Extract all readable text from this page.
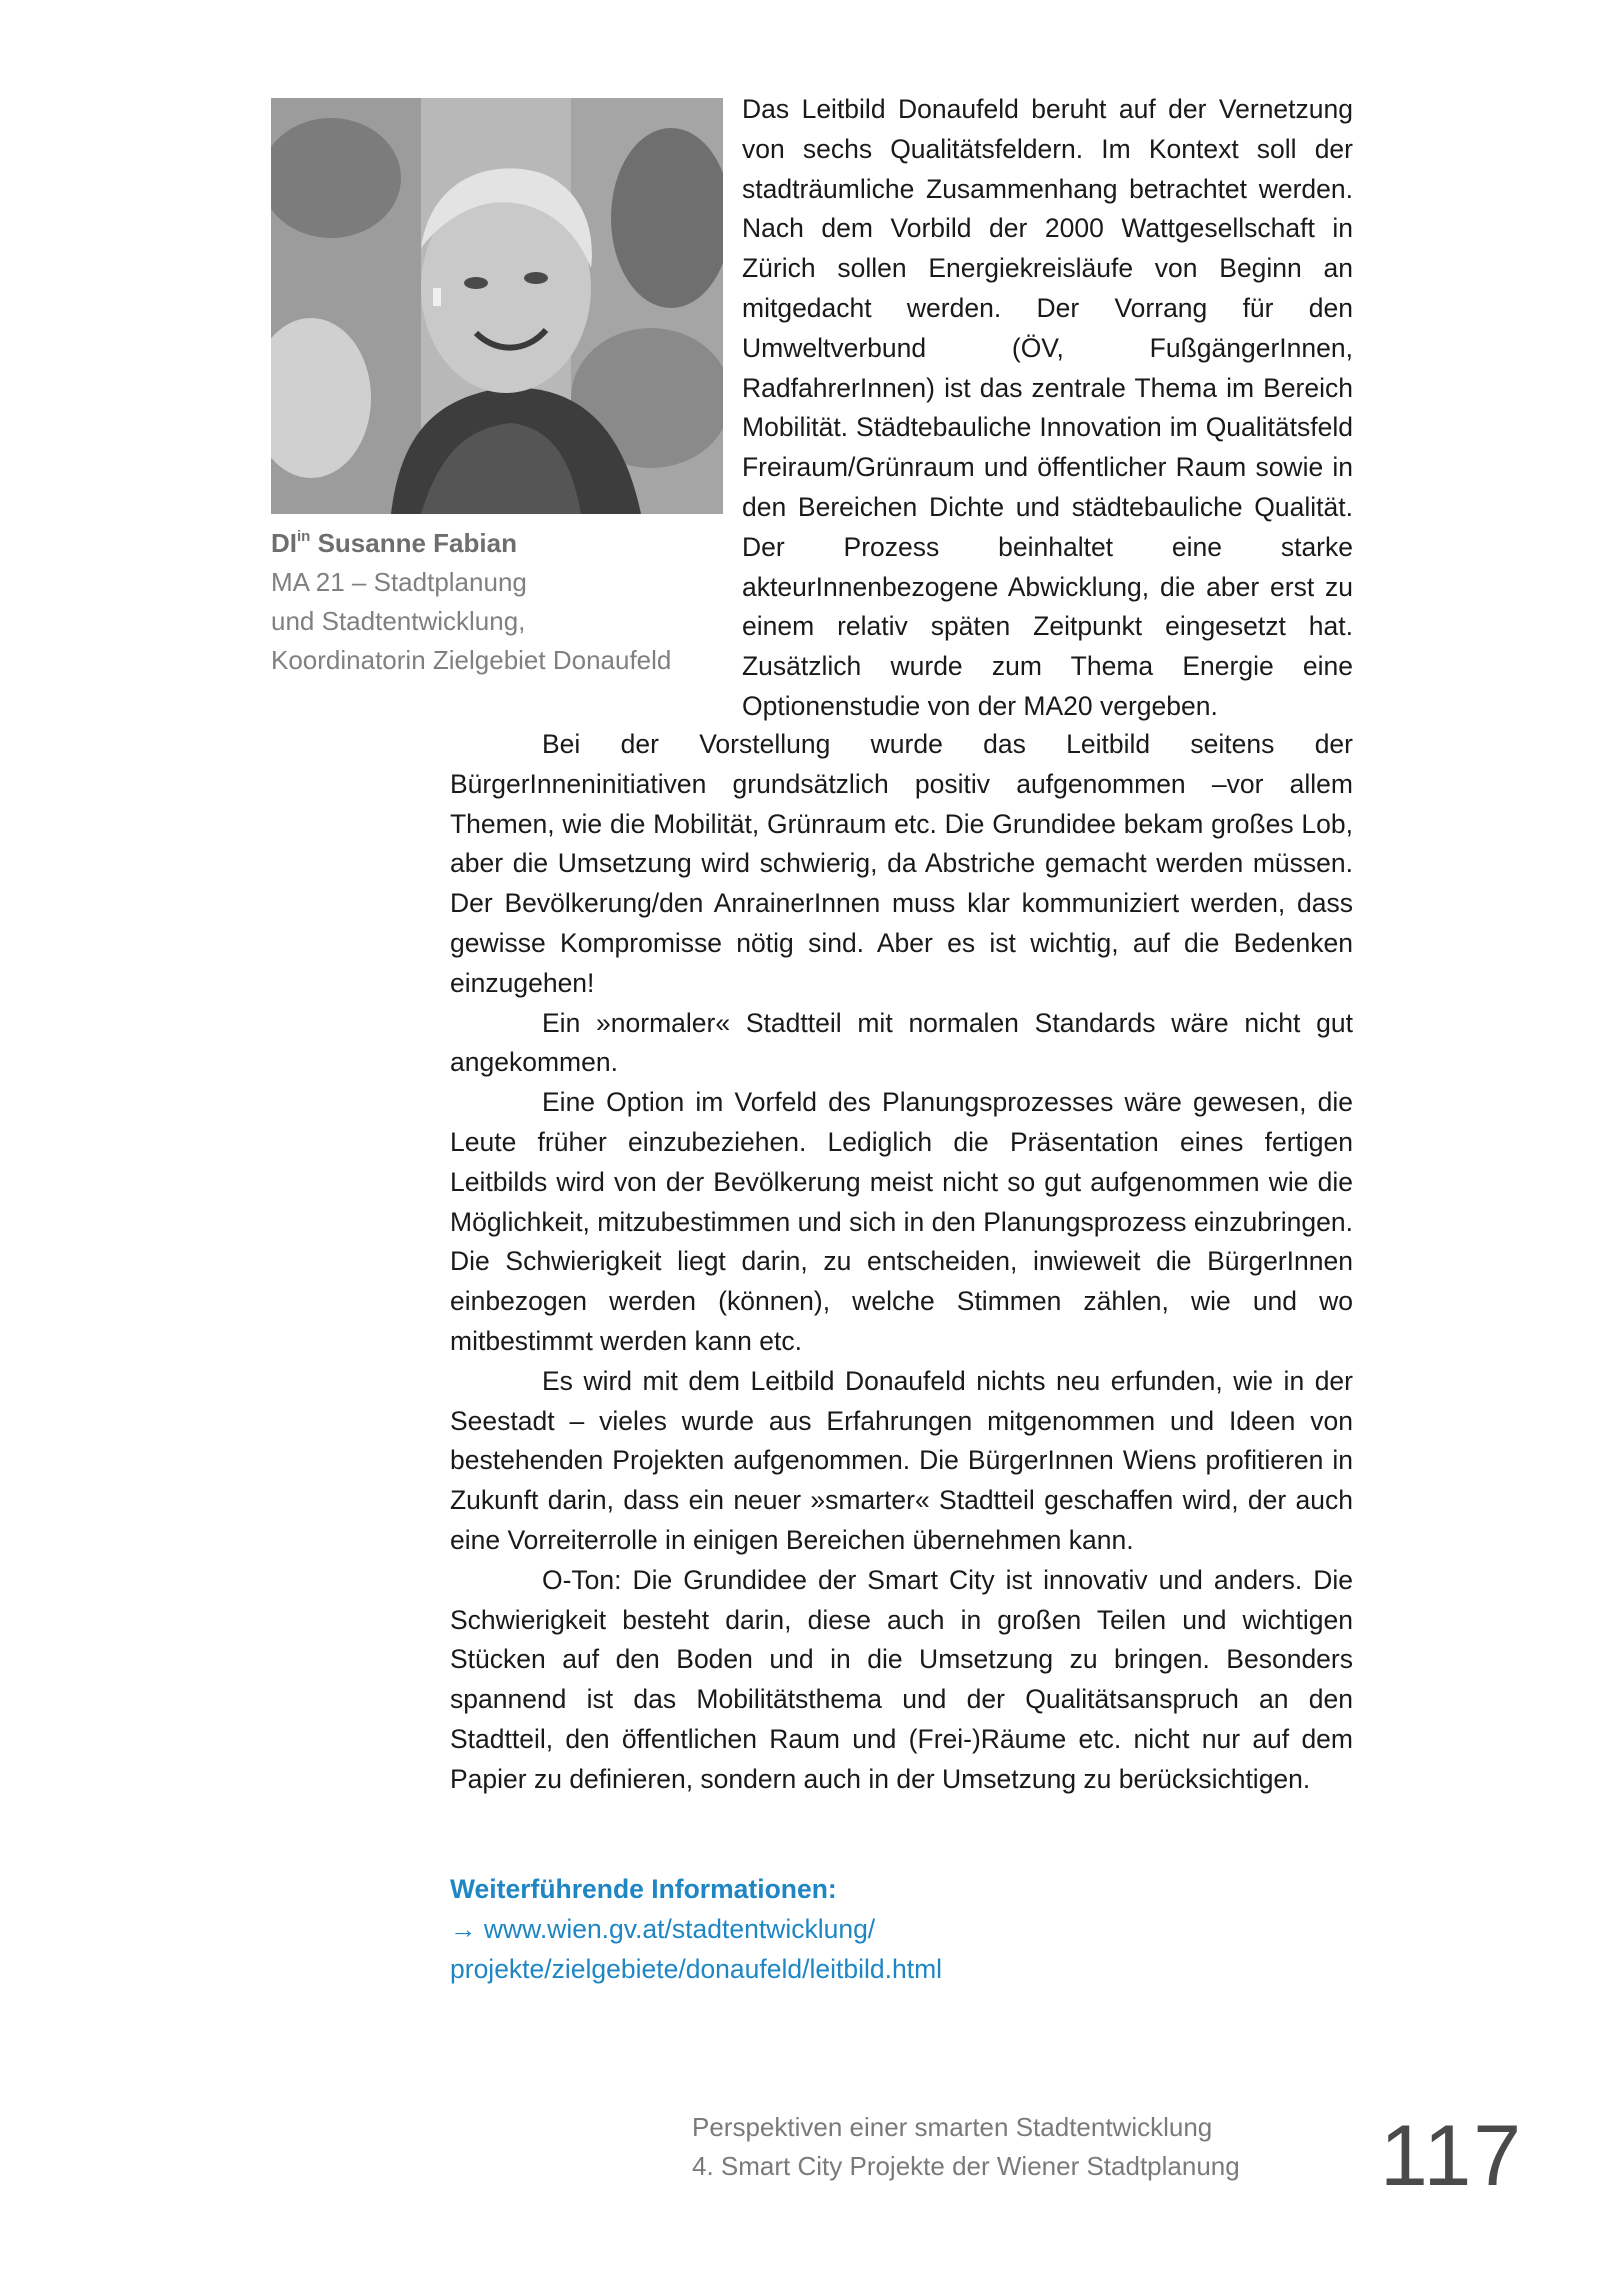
$DI^{in}$ Susanne Fabian
MA 21 – Stadtplanung
und Stadtentwicklung,
Koordinatorin Zielgebiet Donaufeld

Das Leitbild Donaufeld beruht auf der Vernetzung von sechs Qualitätsfeldern. Im Kontext soll der stadträumliche Zusammenhang betrachtet werden. Nach dem Vorbild der 2000 Wattgesellschaft in Zürich sollen Energiekreisläufe von Beginn an mitgedacht werden. Der Vorrang für den Umweltverbund (ÖV, FußgängerInnen, RadfahrerInnen) ist das zentrale Thema im Bereich Mobilität. Städtebauliche Innovation im Qualitätsfeld Freiraum/Grünraum und öffentlicher Raum sowie in den Bereichen Dichte und städtebauliche Qualität. Der Prozess beinhaltet eine starke akteurInnenbezogene Abwicklung, die aber erst zu einem relativ späten Zeitpunkt eingesetzt hat. Zusätzlich wurde zum Thema Energie eine Optionenstudie von der MA20 vergeben.

Bei der Vorstellung wurde das Leitbild seitens der BürgerInneninitiativen grundsätzlich positiv aufgenommen –vor allem Themen, wie die Mobilität, Grünraum etc. Die Grundidee bekam großes Lob, aber die Umsetzung wird schwierig, da Abstriche gemacht werden müssen. Der Bevölkerung/den AnrainerInnen muss klar kommuniziert werden, dass gewisse Kompromisse nötig sind. Aber es ist wichtig, auf die Bedenken einzugehen!

Ein »normaler« Stadtteil mit normalen Standards wäre nicht gut angekommen.

Eine Option im Vorfeld des Planungsprozesses wäre gewesen, die Leute früher einzubeziehen. Lediglich die Präsentation eines fertigen Leitbilds wird von der Bevölkerung meist nicht so gut aufgenommen wie die Möglichkeit, mitzubestimmen und sich in den Planungsprozess einzubringen. Die Schwierigkeit liegt darin, zu entscheiden, inwieweit die BürgerInnen einbezogen werden (können), welche Stimmen zählen, wie und wo mitbestimmt werden kann etc.

Es wird mit dem Leitbild Donaufeld nichts neu erfunden, wie in der Seestadt – vieles wurde aus Erfahrungen mitgenommen und Ideen von bestehenden Projekten aufgenommen. Die BürgerInnen Wiens profitieren in Zukunft darin, dass ein neuer »smarter« Stadtteil geschaffen wird, der auch eine Vorreiterrolle in einigen Bereichen übernehmen kann.

O-Ton: Die Grundidee der Smart City ist innovativ und anders. Die Schwierigkeit besteht darin, diese auch in großen Teilen und wichtigen Stücken auf den Boden und in die Umsetzung zu bringen. Besonders spannend ist das Mobilitätsthema und der Qualitätsanspruch an den Stadtteil, den öffentlichen Raum und (Frei-)Räume etc. nicht nur auf dem Papier zu definieren, sondern auch in der Umsetzung zu berücksichtigen.

Weiterführende Informationen:
→ www.wien.gv.at/stadtentwicklung/
projekte/zielgebiete/donaufeld/leitbild.html
Perspektiven einer smarten Stadtentwicklung
4. Smart City Projekte der Wiener Stadtplanung 117
